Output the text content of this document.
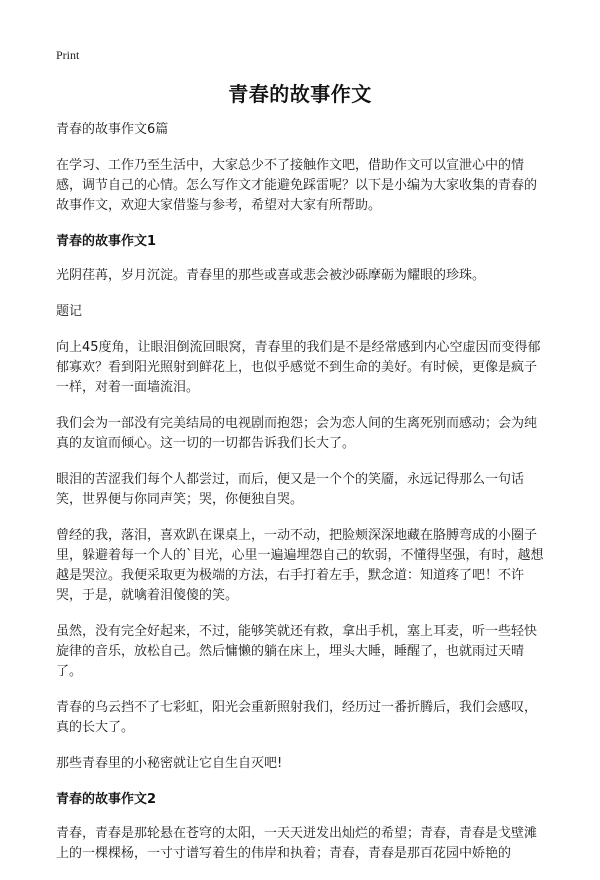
Print
青春的故事作文

青春的故事作文6篇

在学习、工作乃至生活中，大家总少不了接触作文吧，借助作文可以宣泄心中的情感，调节自己的心情。怎么写作文才能避免踩雷呢？以下是小编为大家收集的青春的故事作文，欢迎大家借鉴与参考，希望对大家有所帮助。

青春的故事作文1

光阴荏苒，岁月沉淀。青春里的那些或喜或悲会被沙砾摩砺为耀眼的珍珠。

题记

向上45度角，让眼泪倒流回眼窝，青春里的我们是不是经常感到内心空虚因而变得郁郁寡欢？看到阳光照射到鲜花上，也似乎感觉不到生命的美好。有时候，更像是疯子一样，对着一面墙流泪。

我们会为一部没有完美结局的电视剧而抱怨；会为恋人间的生离死别而感动；会为纯真的友谊而倾心。这一切的一切都告诉我们长大了。

眼泪的苦涩我们每个人都尝过，而后，便又是一个个的笑靥，永远记得那么一句话笑，世界便与你同声笑；哭，你便独自哭。

曾经的我，落泪，喜欢趴在课桌上，一动不动，把脸颊深深地藏在胳膊弯成的小圈子里，躲避着每一个人的`目光，心里一遍遍埋怨自己的软弱，不懂得坚强，有时，越想越是哭泣。我便采取更为极端的方法，右手打着左手，默念道：知道疼了吧！不许哭，于是，就噙着泪傻傻的笑。

虽然，没有完全好起来，不过，能够笑就还有救，拿出手机，塞上耳麦，听一些轻快旋律的音乐，放松自己。然后慵懒的躺在床上，埋头大睡，睡醒了，也就雨过天晴了。

青春的乌云挡不了七彩虹，阳光会重新照射我们，经历过一番折腾后，我们会感叹，真的长大了。

那些青春里的小秘密就让它自生自灭吧!

青春的故事作文2

青春，青春是那轮悬在苍穹的太阳，一天天迸发出灿烂的希望；青春，青春是戈壁滩上的一棵棵杨，一寸寸谱写着生的伟岸和执着；青春，青春是那百花园中娇艳的
